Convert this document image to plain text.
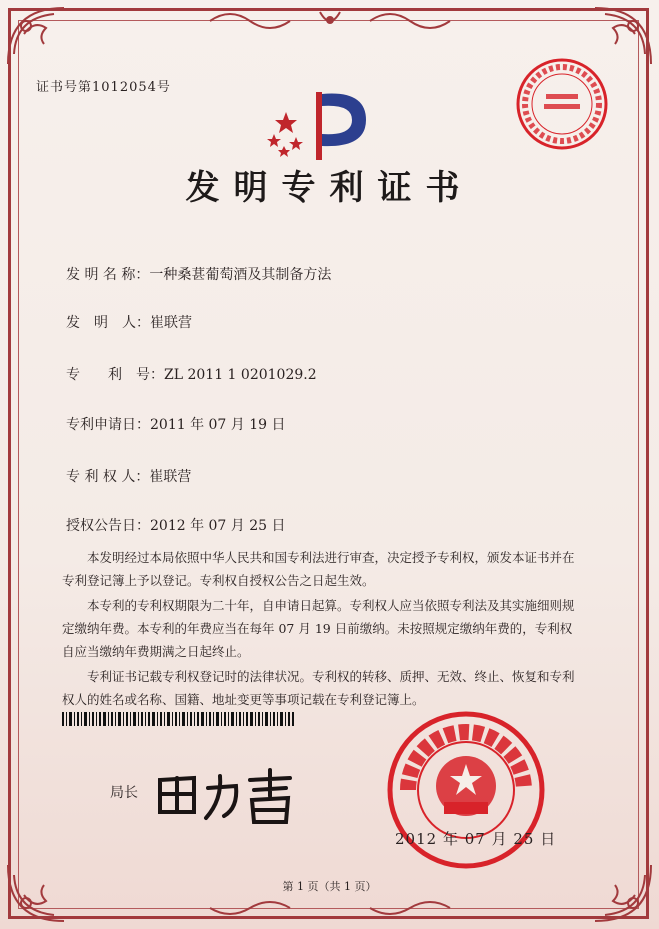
证书号第1012054号
发明专利证书
发 明 名 称：一种桑葚葡萄酒及其制备方法
发　明　人：崔联营
专　　利　号：ZL 2011 1 0201029.2
专利申请日：2011 年 07 月 19 日
专 利 权 人：崔联营
授权公告日：2012 年 07 月 25 日
　　本发明经过本局依照中华人民共和国专利法进行审查，决定授予专利权，颁发本证书并在专利登记簿上予以登记。专利权自授权公告之日起生效。
　　本专利的专利权期限为二十年，自申请日起算。专利权人应当依照专利法及其实施细则规定缴纳年费。本专利的年费应当在每年 07 月 19 日前缴纳。未按照规定缴纳年费的，专利权自应当缴纳年费期满之日起终止。
　　专利证书记载专利权登记时的法律状况。专利权的转移、质押、无效、终止、恢复和专利权人的姓名或名称、国籍、地址变更等事项记载在专利登记簿上。
局长
2012 年 07 月 25 日
第 1 页（共 1 页）
